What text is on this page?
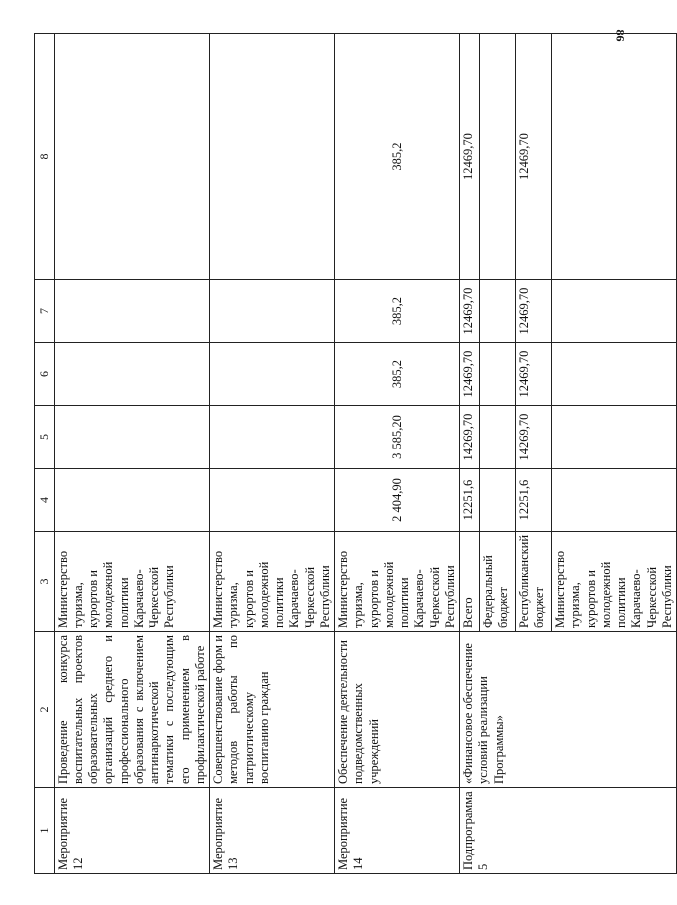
86
1	2	3	4	5	6	7	8
Мероприятие 12	Проведение конкурса воспитательных проектов образовательных организаций среднего и профессионального образования с включением антинаркотической тематики с последующим его применением в профилактической работе	Министерство туризма, курортов и молодежной политики Карачаево-Черкесской Республики					
Мероприятие 13	Совершенствование форм и методов работы по патриотическому воспитанию граждан	Министерство туризма, курортов и молодежной политики Карачаево-Черкесской Республики					
Мероприятие 14	Обеспечение деятельности подведомственных учреждений	Министерство туризма, курортов и молодежной политики Карачаево-Черкесской Республики	2 404,90	3 585,20	385,2	385,2	385,2
Подпрограмма 5	«Финансовое обеспечение условий реализации Программы»	Всего	12251,6	14269,70	12469,70	12469,70	12469,70
		Федеральный бюджет					
		Республиканский бюджет	12251,6	14269,70	12469,70	12469,70	12469,70
		Министерство туризма, курортов и молодежной политики Карачаево-Черкесской Республики					
